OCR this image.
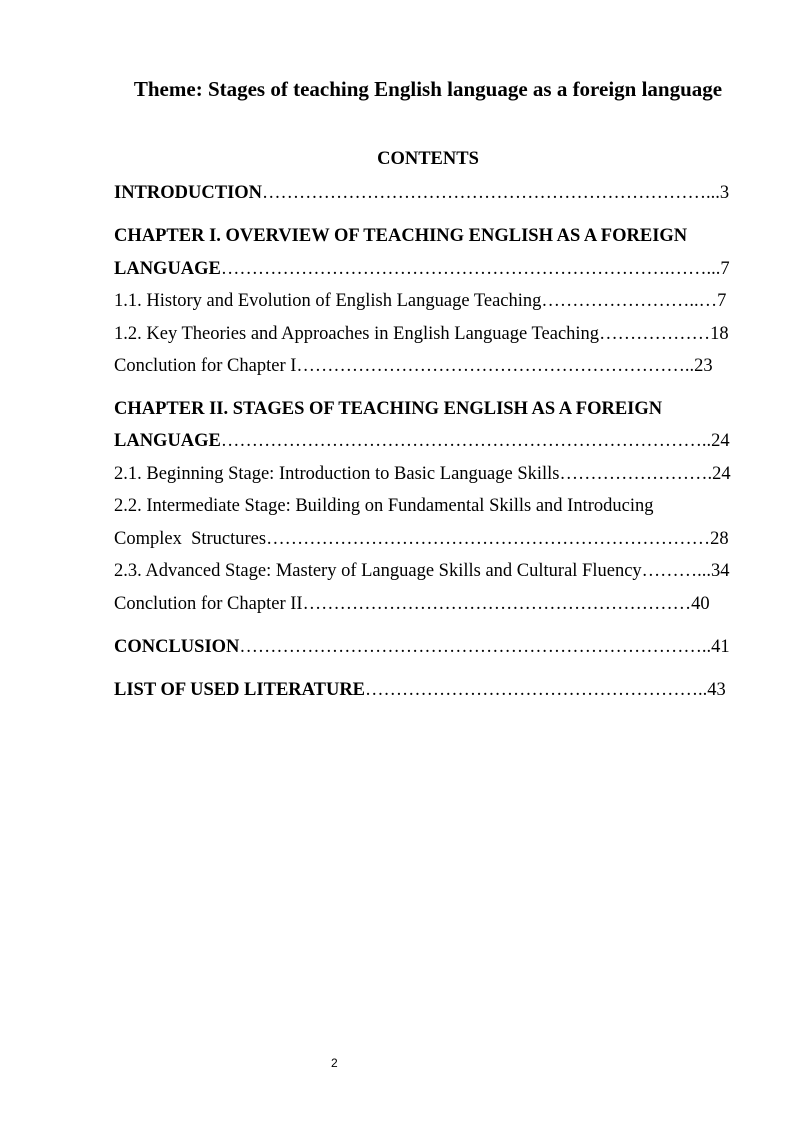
Theme: Stages of teaching English language as a foreign language
CONTENTS
INTRODUCTION………………………………………………………………...3
CHAPTER I. OVERVIEW OF TEACHING ENGLISH AS A FOREIGN
LANGUAGE……………………………………………………………….……...7
1.1. History and Evolution of English Language Teaching……………………..…7
1.2. Key Theories and Approaches in English Language Teaching………………18
Conclution for Chapter I………………………………………………………..23
CHAPTER II. STAGES OF TEACHING ENGLISH AS A FOREIGN
LANGUAGE……………………………………………………………………..24
2.1. Beginning Stage: Introduction to Basic Language Skills…………………….24
2.2. Intermediate Stage: Building on Fundamental Skills and Introducing
Complex  Structures………………………………………………………………28
2.3. Advanced Stage: Mastery of Language Skills and Cultural Fluency………...34
Conclution for Chapter II………………………………………………………40
CONCLUSION…………………………………………………………………..41
LIST OF USED LITERATURE………………………………………………..43
2
